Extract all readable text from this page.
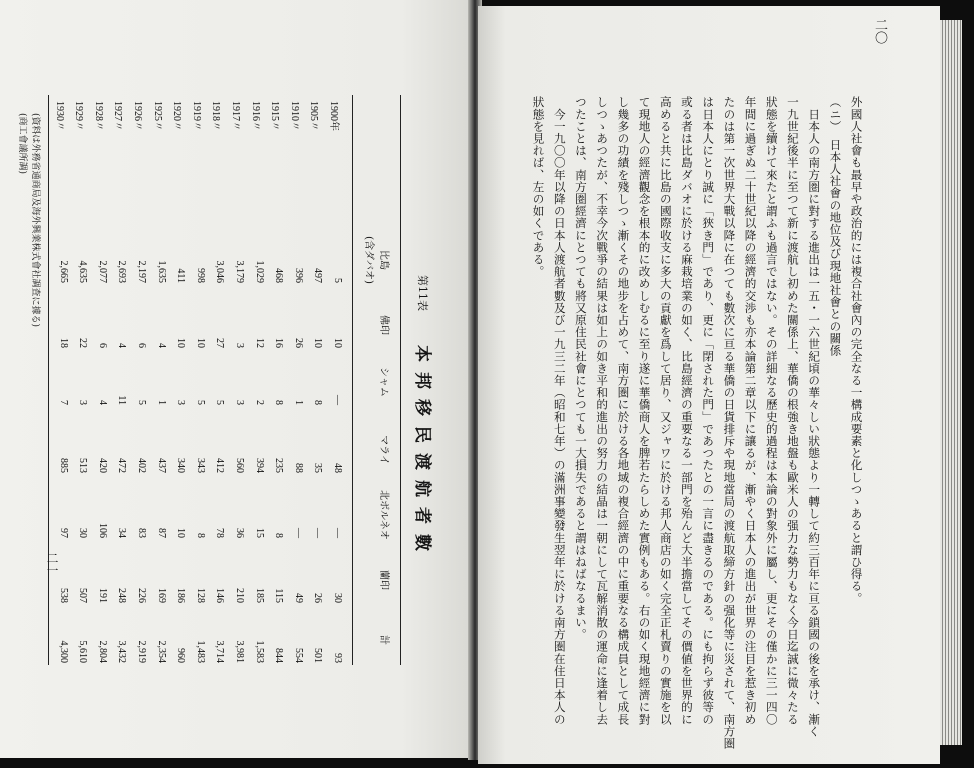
第11表
本邦移民渡航者數
比島
(含ダバオ)
佛印
シャム
マライ
北ボルネオ
蘭印
計
1900年
5
10
—
48
—
30
93
1905〃
497
10
8
35
—
26
501
1910〃
396
26
1
88
—
49
554
1915〃
468
16
8
235
8
115
844
1916〃
1,029
12
2
394
15
185
1,583
1917〃
3,179
3
3
560
36
210
3,981
1918〃
3,046
27
5
412
78
146
3,714
1919〃
998
10
5
343
8
128
1,483
1920〃
411
10
3
340
10
186
960
1925〃
1,635
4
1
437
87
169
2,354
1926〃
2,197
6
5
402
83
226
2,919
1927〃
2,693
4
11
472
34
248
3,432
1928〃
2,077
6
4
420
106
191
2,804
1929〃
4,635
22
3
513
30
507
5,610
1930〃
2,665
18
7
885
97
538
4,300
(資料は外務省通商局及海外興業株式會社調査に據る)
(商工會議所調)
二一
二〇
外國人社會も最早や政治的には複合社會內の完全なる一構成要素と化しつゝあると謂ひ得る。
（ニ）　日本人社會の地位及び現地社會との關係
　日本人の南方圏に對する進出は一五・一六世紀頃の華々しい狀態より一轉して約三百年に亘る鎖國の後を承け、漸く
一九世紀後半に至つて新に渡航し初めた關係上、華僑の根強き地盤も歐米人の强力な勢力もなく今日迄誠に微々たる
狀態を續けて來たと謂ふも過言ではない。その詳細なる歷史的過程は本論の對象外に屬し、更にその僅かに三一四〇
年間に過ぎぬ二十世紀以降の經濟的交渉も亦本論第二章以下に讓るが、漸やく日本人の進出が世界の注目を惹き初め
たのは第一次世界大戰以降に在つても數次に亘る華僑の日貨排斥や現地當局の渡航取締方針の强化等に災されて、南方圏
は日本人にとり誠に「狹き門」であり、更に「閉された門」であつたとの一言に盡きるのである。にも拘らず彼等の
或る者は比島ダバオに於ける麻栽培業の如く、比島經濟の重要なる一部門を殆んど大半擔當してその價値を世界的に
高めると共に比島の國際收支に多大の貢獻を爲して居り、又ジャワに於ける邦人商店の如く完全正札賣りの實施を以
て現地人の經濟觀念を根本的に改めしむるに至り遂に華僑商人を脾若たらしめた實例もある。右の如く現地經濟に對
し幾多の功績を殘しつゝ漸くその地步を占めて、南方圏に於ける各地域の複合經濟の中に重要なる構成員として成長
しつゝあつたが、不幸今次戰爭の結果は如上の如き平和的進出の努力の結晶は一朝にして瓦解消散の運命に逢着し去
つたことは、南方圏經濟にとつても將又原住民社會にとつても一大損失であると謂はねばなるまい。
　今一九〇〇年以降の日本人渡航者數及び一九三二年（昭和七年）の滿洲事變發生翌年に於ける南方圏在住日本人の
狀態を見れば、左の如くである。
